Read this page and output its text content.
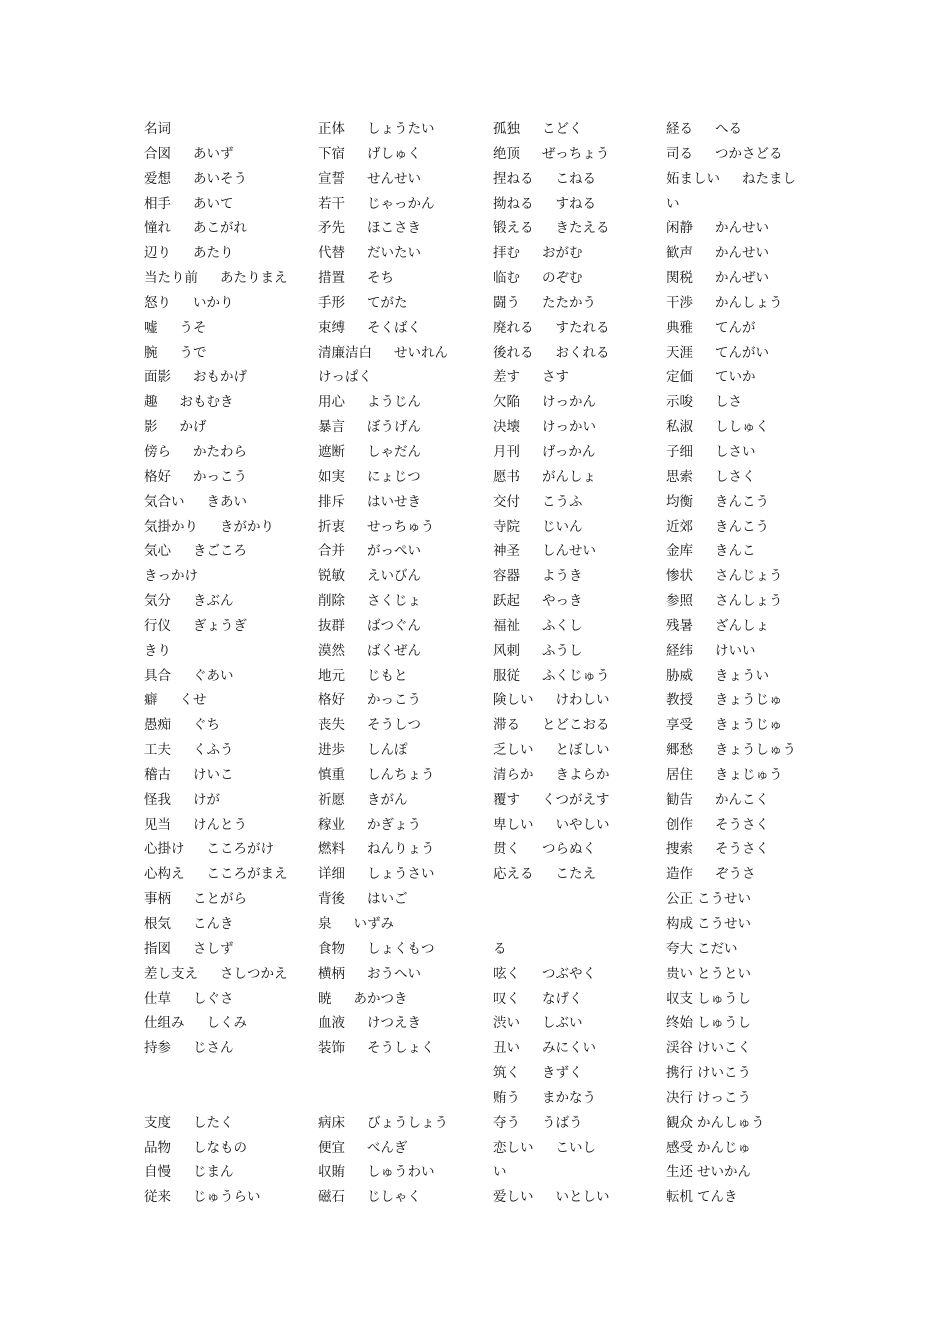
名词
合図 あいず
爱想 あいそう
相手 あいて
憧れ あこがれ
辺り あたり
当たり前 あたりまえ
怒り いかり
嘘 うそ
腕 うで
面影 おもかげ
趣 おもむき
影 かげ
傍ら かたわら
格好 かっこう
気合い きあい
気掛かり きがかり
気心 きごころ
きっかけ
気分 きぶん
行仪 ぎょうぎ
きり
具合 ぐあい
癖 くせ
愚痴 ぐち
工夫 くふう
稽古 けいこ
怪我 けが
见当 けんとう
心掛け こころがけ
心构え こころがまえ
事柄 ことがら
根気 こんき
指図 さしず
差し支え さしつかえ
仕草 しぐさ
仕组み しくみ
持参 じさん
支度 したく
品物 しなもの
自慢 じまん
従来 じゅうらい
正体 しょうたい
下宿 げしゅく
宣誓 せんせい
若干 じゃっかん
矛先 ほこさき
代替 だいたい
措置 そち
手形 てがた
束缚 そくばく
清廉洁白 せいれん
けっぱく
用心 ようじん
暴言 ぼうげん
遮断 しゃだん
如実 にょじつ
排斥 はいせき
折衷 せっちゅう
合并 がっぺい
锐敏 えいびん
削除 さくじょ
抜群 ばつぐん
漠然 ばくぜん
地元 じもと
格好 かっこう
丧失 そうしつ
进歩 しんぽ
慎重 しんちょう
祈愿 きがん
稼业 かぎょう
燃料 ねんりょう
详细 しょうさい
背後 はいご
泉 いずみ
食物 しょくもつ
横柄 おうへい
暁 あかつき
血液 けつえき
装饰 そうしょく
病床 びょうしょう
便宜 べんぎ
収賄 しゅうわい
磁石 じしゃく
孤独 こどく
绝顶 ぜっちょう
捏ねる こねる
拗ねる すねる
锻える きたえる
拝む おがむ
临む のぞむ
闘う たたかう
廃れる すたれる
後れる おくれる
差す さす
欠陥 けっかん
决壊 けっかい
月刊 げっかん
愿书 がんしょ
交付 こうふ
寺院 じいん
神圣 しんせい
容器 ようき
跃起 やっき
福祉 ふくし
风刺 ふうし
服従 ふくじゅう
険しい けわしい
滞る とどこおる
乏しい とぼしい
清らか きよらか
覆す くつがえす
卑しい いやしい
贯く つらぬく
応える こたえ
る
呟く つぶやく
叹く なげく
渋い しぶい
丑い みにくい
筑く きずく
贿う まかなう
夺う うばう
恋しい こいし
い
爱しい いとしい
経る へる
司る つかさどる
妬ましい ねたまし
い
闲静 かんせい
歓声 かんせい
関税 かんぜい
干渉 かんしょう
典雅 てんが
天涯 てんがい
定価 ていか
示唆 しさ
私淑 ししゅく
子细 しさい
思索 しさく
均衡 きんこう
近郊 きんこう
金库 きんこ
惨状 さんじょう
参照 さんしょう
残暑 ざんしょ
経纬 けいい
胁威 きょうい
教授 きょうじゅ
享受 きょうじゅ
郷愁 きょうしゅう
居住 きょじゅう
勧告 かんこく
创作 そうさく
捜索 そうさく
造作 ぞうさ
公正 こうせい
构成 こうせい
夸大 こだい
贵い とうとい
収支 しゅうし
终始 しゅうし
渓谷 けいこく
携行 けいこう
决行 けっこう
観众 かんしゅう
感受 かんじゅ
生还 せいかん
転机 てんき
